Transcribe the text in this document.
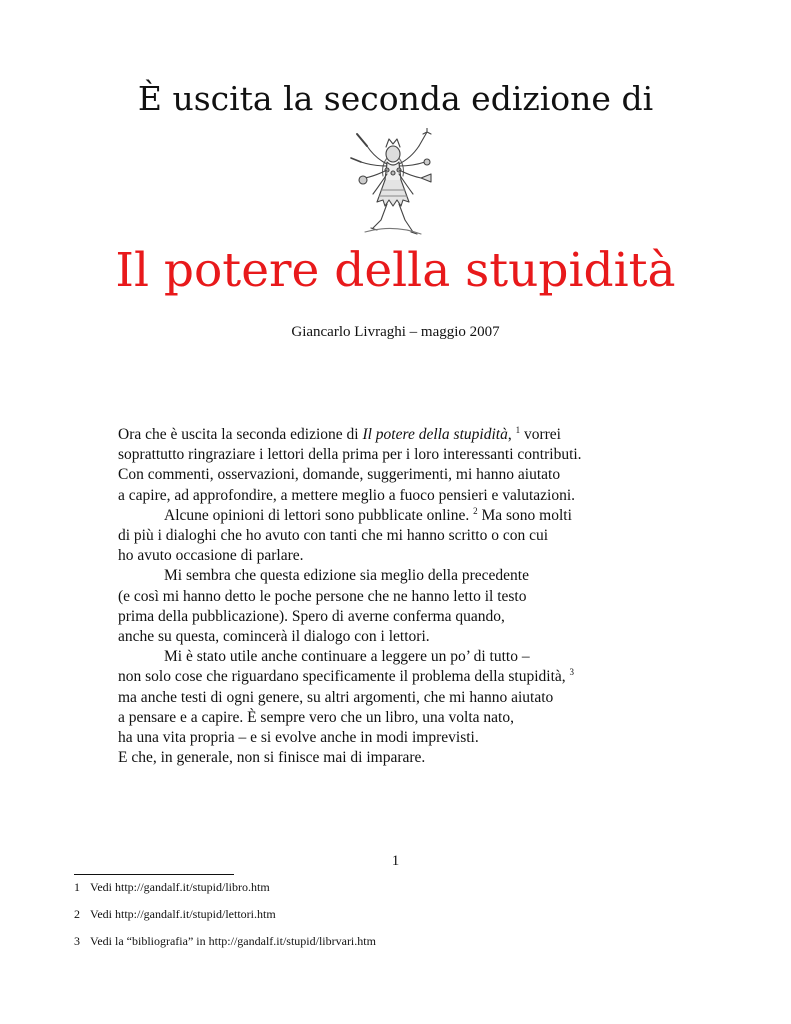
È uscita la seconda edizione di
Il potere della stupidità
Giancarlo Livraghi – maggio 2007
Ora che è uscita la seconda edizione di Il potere della stupidità, $^1$ vorrei
soprattutto ringraziare i lettori della prima per i loro interessanti contributi.
Con commenti, osservazioni, domande, suggerimenti, mi hanno aiutato
a capire, ad approfondire, a mettere meglio a fuoco pensieri e valutazioni.
Alcune opinioni di lettori sono pubblicate online. $^2$ Ma sono molti
di più i dialoghi che ho avuto con tanti che mi hanno scritto o con cui
ho avuto occasione di parlare.
Mi sembra che questa edizione sia meglio della precedente
(e così mi hanno detto le poche persone che ne hanno letto il testo
prima della pubblicazione). Spero di averne conferma quando,
anche su questa, comincerà il dialogo con i lettori.
Mi è stato utile anche continuare a leggere un po’ di tutto –
non solo cose che riguardano specificamente il problema della stupidità, $^3$
ma anche testi di ogni genere, su altri argomenti, che mi hanno aiutato
a pensare e a capire. È sempre vero che un libro, una volta nato,
ha una vita propria – e si evolve anche in modi imprevisti.
E che, in generale, non si finisce mai di imparare.
1
1 Vedi http://gandalf.it/stupid/libro.htm
2 Vedi http://gandalf.it/stupid/lettori.htm
3 Vedi la “bibliografia” in http://gandalf.it/stupid/librvari.htm
